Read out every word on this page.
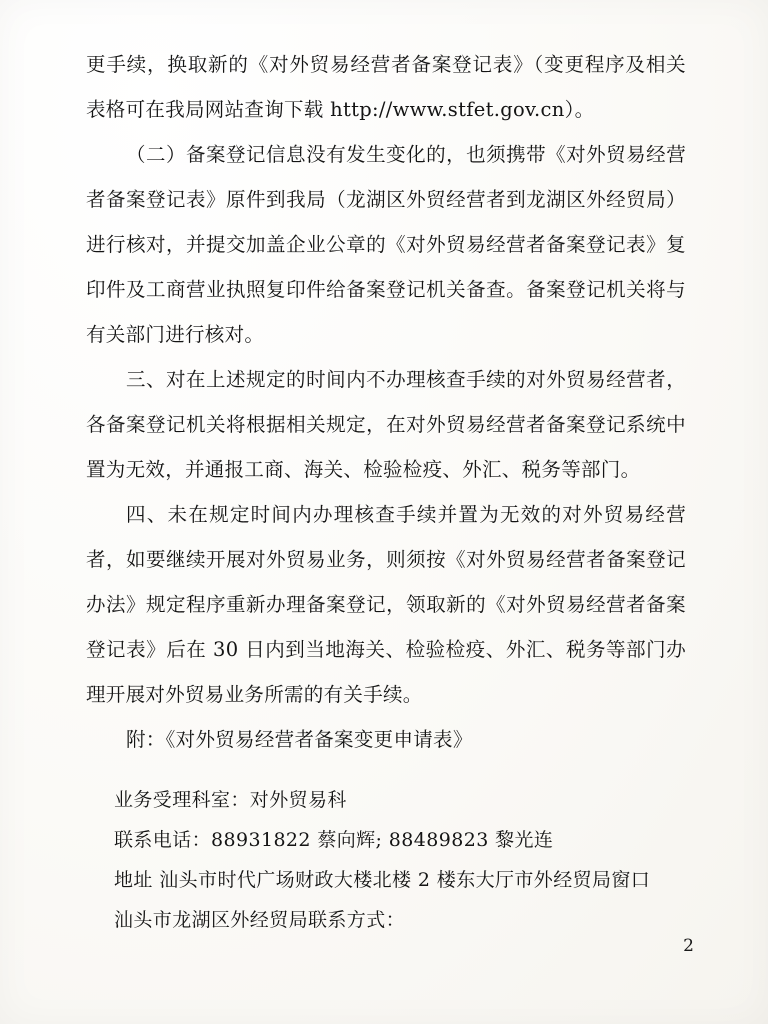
更手续，换取新的《对外贸易经营者备案登记表》（变更程序及相关表格可在我局网站查询下载 http://www.stfet.gov.cn）。

（二）备案登记信息没有发生变化的，也须携带《对外贸易经营者备案登记表》原件到我局（龙湖区外贸经营者到龙湖区外经贸局）进行核对，并提交加盖企业公章的《对外贸易经营者备案登记表》复印件及工商营业执照复印件给备案登记机关备查。备案登记机关将与有关部门进行核对。

三、对在上述规定的时间内不办理核查手续的对外贸易经营者，各备案登记机关将根据相关规定，在对外贸易经营者备案登记系统中置为无效，并通报工商、海关、检验检疫、外汇、税务等部门。

四、未在规定时间内办理核查手续并置为无效的对外贸易经营者，如要继续开展对外贸易业务，则须按《对外贸易经营者备案登记办法》规定程序重新办理备案登记，领取新的《对外贸易经营者备案登记表》后在 30 日内到当地海关、检验检疫、外汇、税务等部门办理开展对外贸易业务所需的有关手续。

附：《对外贸易经营者备案变更申请表》

业务受理科室：对外贸易科

联系电话：88931822 蔡向辉; 88489823 黎光连

地址 汕头市时代广场财政大楼北楼 2 楼东大厅市外经贸局窗口

汕头市龙湖区外经贸局联系方式：

2
